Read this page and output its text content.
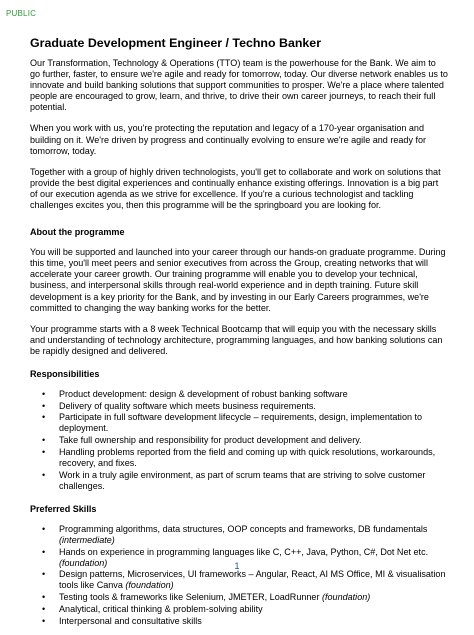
PUBLIC
Graduate Development Engineer / Techno Banker

Our Transformation, Technology & Operations (TTO) team is the powerhouse for the Bank. We aim to go further, faster, to ensure we're agile and ready for tomorrow, today. Our diverse network enables us to innovate and build banking solutions that support communities to prosper. We're a place where talented people are encouraged to grow, learn, and thrive, to drive their own career journeys, to reach their full potential.

When you work with us, you're protecting the reputation and legacy of a 170-year organisation and building on it. We're driven by progress and continually evolving to ensure we're agile and ready for tomorrow, today.

Together with a group of highly driven technologists, you'll get to collaborate and work on solutions that provide the best digital experiences and continually enhance existing offerings. Innovation is a big part of our execution agenda as we strive for excellence. If you're a curious technologist and tackling challenges excites you, then this programme will be the springboard you are looking for.

About the programme

You will be supported and launched into your career through our hands-on graduate programme. During this time, you'll meet peers and senior executives from across the Group, creating networks that will accelerate your career growth. Our training programme will enable you to develop your technical, business, and interpersonal skills through real-world experience and in depth training. Future skill development is a key priority for the Bank, and by investing in our Early Careers programmes, we're committed to changing the way banking works for the better.

Your programme starts with a 8 week Technical Bootcamp that will equip you with the necessary skills and understanding of technology architecture, programming languages, and how banking solutions can be rapidly designed and delivered.

Responsibilities
• Product development: design & development of robust banking software
• Delivery of quality software which meets business requirements.
• Participate in full software development lifecycle – requirements, design, implementation to deployment.
• Take full ownership and responsibility for product development and delivery.
• Handling problems reported from the field and coming up with quick resolutions, workarounds, recovery, and fixes.
• Work in a truly agile environment, as part of scrum teams that are striving to solve customer challenges.
Preferred Skills
• Programming algorithms, data structures, OOP concepts and frameworks, DB fundamentals (intermediate)
• Hands on experience in programming languages like C, C++, Java, Python, C#, Dot Net etc. (foundation)
• Design patterns, Microservices, UI frameworks – Angular, React, AI MS Office, MI & visualisation tools like Canva (foundation)
• Testing tools & frameworks like Selenium, JMETER, LoadRunner (foundation)
• Analytical, critical thinking & problem-solving ability
• Interpersonal and consultative skills
1
